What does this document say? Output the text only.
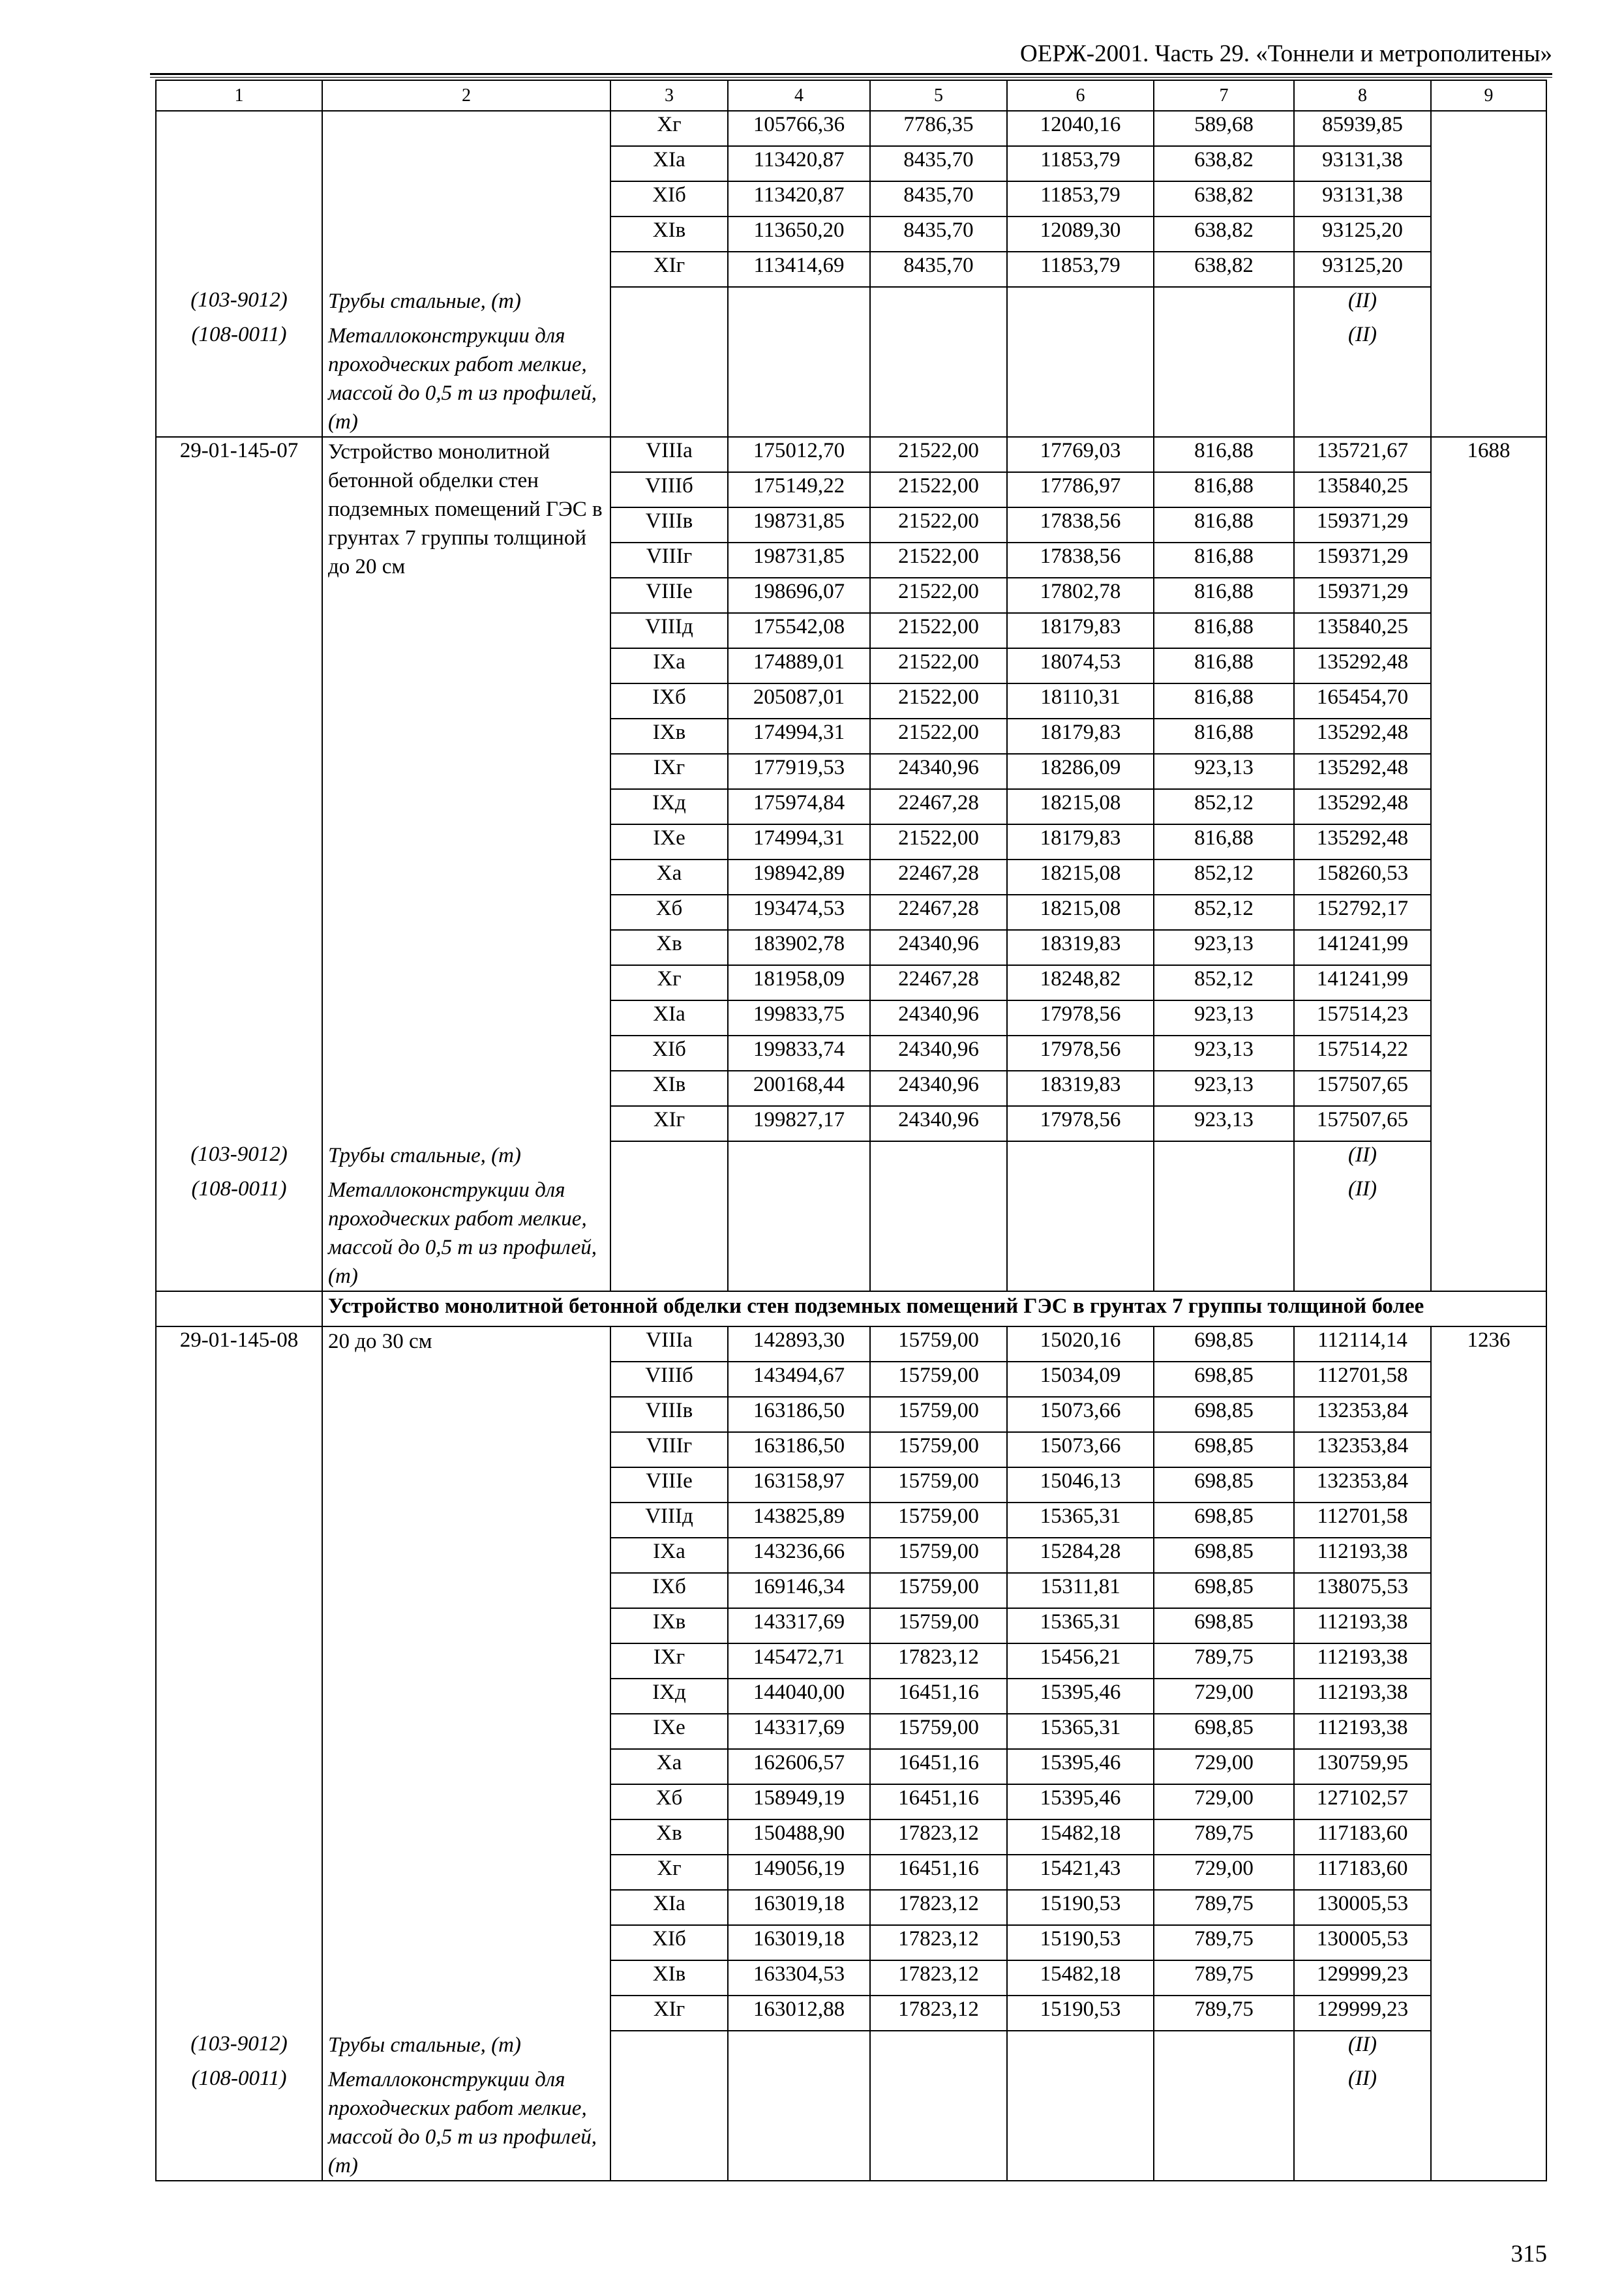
ОЕРЖ-2001. Часть 29. «Тоннели и метрополитены»
1	2	3	4	5	6	7	8	9
		Xг	105766,36	7786,35	12040,16	589,68	85939,85	
		XIа	113420,87	8435,70	11853,79	638,82	93131,38	
		XIб	113420,87	8435,70	11853,79	638,82	93131,38	
		XIв	113650,20	8435,70	12089,30	638,82	93125,20	
		XIг	113414,69	8435,70	11853,79	638,82	93125,20	
(103-9012)	Трубы стальные, (т)						(II)	
(108-0011)	Металлоконструкции для проходческих работ мелкие, массой до 0,5 т из профилей, (т)						(II)	
29-01-145-07	Устройство монолитной бетонной обделки стен подземных помещений ГЭС в грунтах 7 группы толщиной до 20 см	VIIIа	175012,70	21522,00	17769,03	816,88	135721,67	1688
		VIIIб	175149,22	21522,00	17786,97	816,88	135840,25	
		VIIIв	198731,85	21522,00	17838,56	816,88	159371,29	
		VIIIг	198731,85	21522,00	17838,56	816,88	159371,29	
		VIIIе	198696,07	21522,00	17802,78	816,88	159371,29	
		VIIIд	175542,08	21522,00	18179,83	816,88	135840,25	
		IXа	174889,01	21522,00	18074,53	816,88	135292,48	
		IXб	205087,01	21522,00	18110,31	816,88	165454,70	
		IXв	174994,31	21522,00	18179,83	816,88	135292,48	
		IXг	177919,53	24340,96	18286,09	923,13	135292,48	
		IXд	175974,84	22467,28	18215,08	852,12	135292,48	
		IXе	174994,31	21522,00	18179,83	816,88	135292,48	
		Xа	198942,89	22467,28	18215,08	852,12	158260,53	
		Xб	193474,53	22467,28	18215,08	852,12	152792,17	
		Xв	183902,78	24340,96	18319,83	923,13	141241,99	
		Xг	181958,09	22467,28	18248,82	852,12	141241,99	
		XIа	199833,75	24340,96	17978,56	923,13	157514,23	
		XIб	199833,74	24340,96	17978,56	923,13	157514,22	
		XIв	200168,44	24340,96	18319,83	923,13	157507,65	
		XIг	199827,17	24340,96	17978,56	923,13	157507,65	
(103-9012)	Трубы стальные, (т)						(II)	
(108-0011)	Металлоконструкции для проходческих работ мелкие, массой до 0,5 т из профилей, (т)						(II)	
	Устройство монолитной бетонной обделки стен подземных помещений ГЭС в грунтах 7 группы толщиной более							
29-01-145-08	20 до 30 см	VIIIа	142893,30	15759,00	15020,16	698,85	112114,14	1236
		VIIIб	143494,67	15759,00	15034,09	698,85	112701,58	
		VIIIв	163186,50	15759,00	15073,66	698,85	132353,84	
		VIIIг	163186,50	15759,00	15073,66	698,85	132353,84	
		VIIIе	163158,97	15759,00	15046,13	698,85	132353,84	
		VIIIд	143825,89	15759,00	15365,31	698,85	112701,58	
		IXа	143236,66	15759,00	15284,28	698,85	112193,38	
		IXб	169146,34	15759,00	15311,81	698,85	138075,53	
		IXв	143317,69	15759,00	15365,31	698,85	112193,38	
		IXг	145472,71	17823,12	15456,21	789,75	112193,38	
		IXд	144040,00	16451,16	15395,46	729,00	112193,38	
		IXе	143317,69	15759,00	15365,31	698,85	112193,38	
		Xа	162606,57	16451,16	15395,46	729,00	130759,95	
		Xб	158949,19	16451,16	15395,46	729,00	127102,57	
		Xв	150488,90	17823,12	15482,18	789,75	117183,60	
		Xг	149056,19	16451,16	15421,43	729,00	117183,60	
		XIа	163019,18	17823,12	15190,53	789,75	130005,53	
		XIб	163019,18	17823,12	15190,53	789,75	130005,53	
		XIв	163304,53	17823,12	15482,18	789,75	129999,23	
		XIг	163012,88	17823,12	15190,53	789,75	129999,23	
(103-9012)	Трубы стальные, (т)						(II)	
(108-0011)	Металлоконструкции для проходческих работ мелкие, массой до 0,5 т из профилей, (т)						(II)	
315
